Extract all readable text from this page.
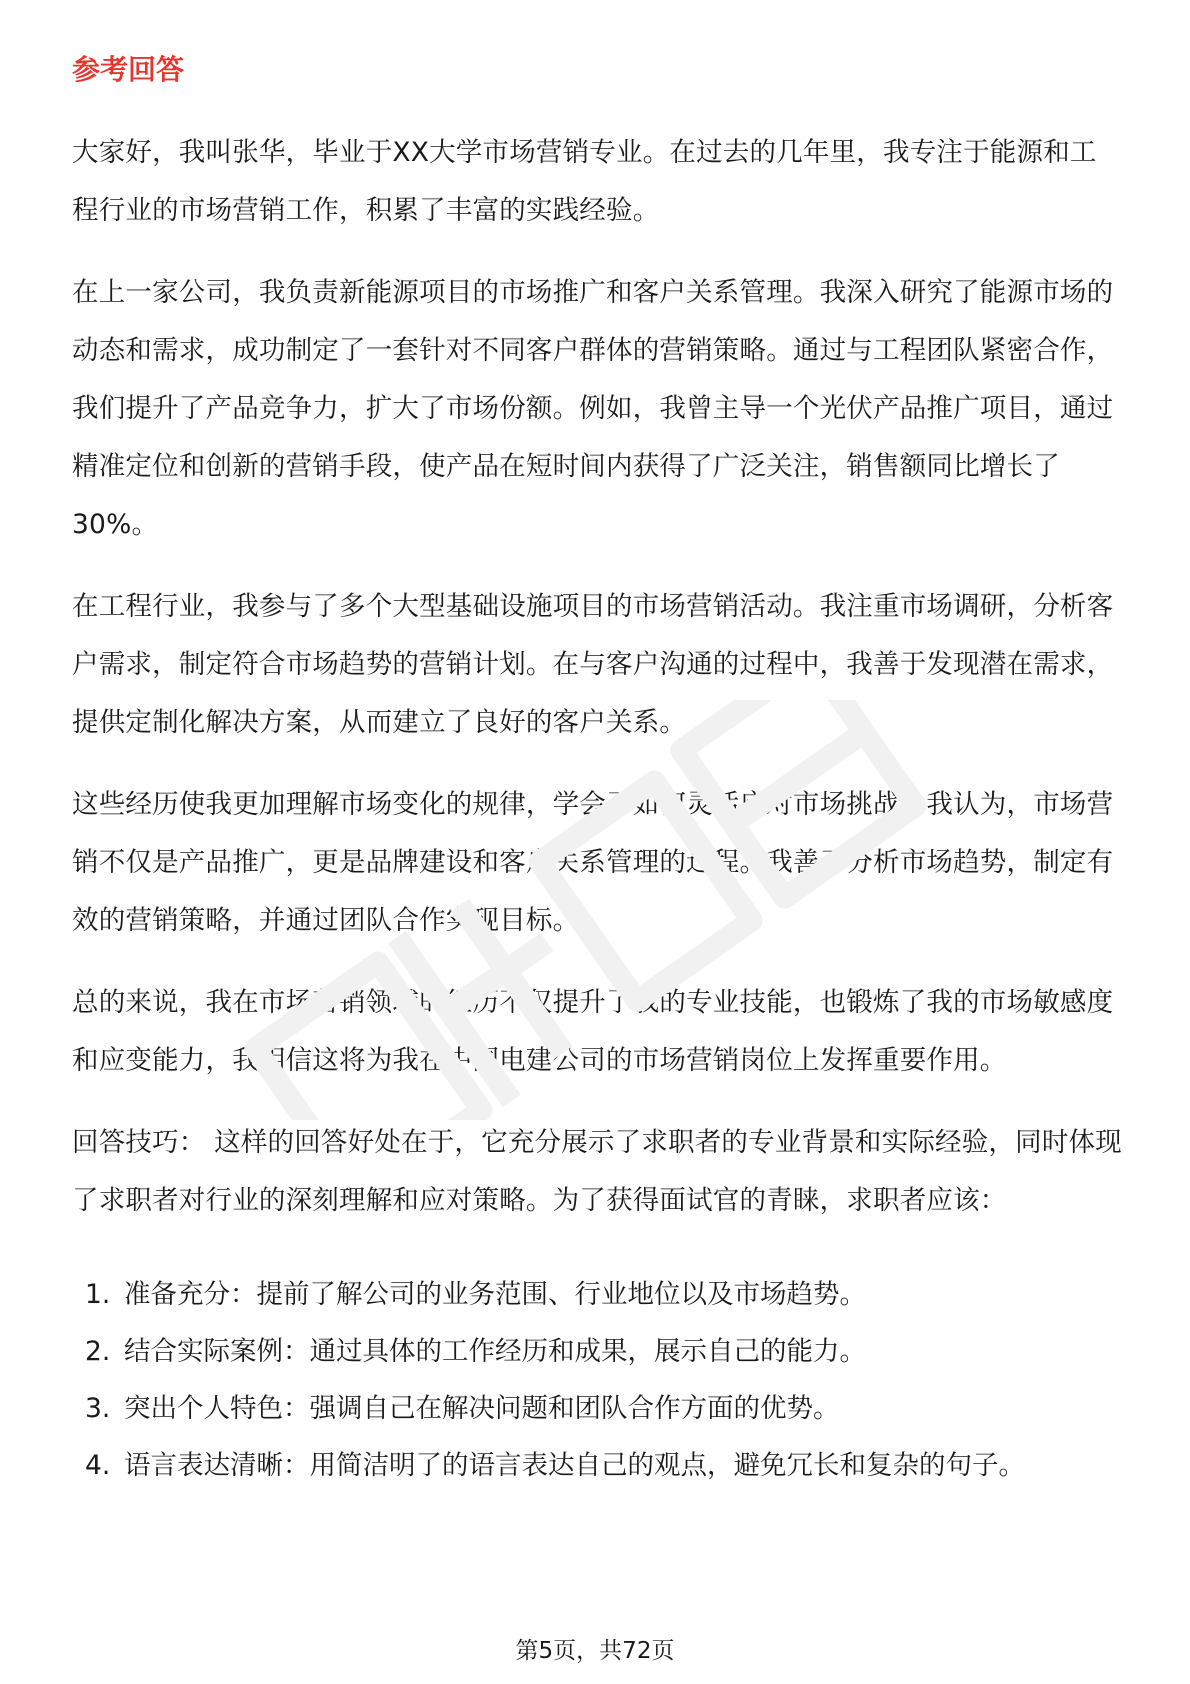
参考回答

大家好，我叫张华，毕业于XX大学市场营销专业。在过去的几年里，我专注于能源和工程行业的市场营销工作，积累了丰富的实践经验。

在上一家公司，我负责新能源项目的市场推广和客户关系管理。我深入研究了能源市场的动态和需求，成功制定了一套针对不同客户群体的营销策略。通过与工程团队紧密合作，我们提升了产品竞争力，扩大了市场份额。例如，我曾主导一个光伏产品推广项目，通过精准定位和创新的营销手段，使产品在短时间内获得了广泛关注，销售额同比增长了30%。

在工程行业，我参与了多个大型基础设施项目的市场营销活动。我注重市场调研，分析客户需求，制定符合市场趋势的营销计划。在与客户沟通的过程中，我善于发现潜在需求，提供定制化解决方案，从而建立了良好的客户关系。

这些经历使我更加理解市场变化的规律，学会了如何灵活应对市场挑战。我认为，市场营销不仅是产品推广，更是品牌建设和客户关系管理的过程。我善于分析市场趋势，制定有效的营销策略，并通过团队合作实现目标。

总的来说，我在市场营销领域的经历不仅提升了我的专业技能，也锻炼了我的市场敏感度和应变能力，我相信这将为我在中国电建公司的市场营销岗位上发挥重要作用。

回答技巧： 这样的回答好处在于，它充分展示了求职者的专业背景和实际经验，同时体现了求职者对行业的深刻理解和应对策略。为了获得面试官的青睐，求职者应该：

1. 准备充分：提前了解公司的业务范围、行业地位以及市场趋势。
2. 结合实际案例：通过具体的工作经历和成果，展示自己的能力。
3. 突出个人特色：强调自己在解决问题和团队合作方面的优势。
4. 语言表达清晰：用简洁明了的语言表达自己的观点，避免冗长和复杂的句子。
第5页，共72页
